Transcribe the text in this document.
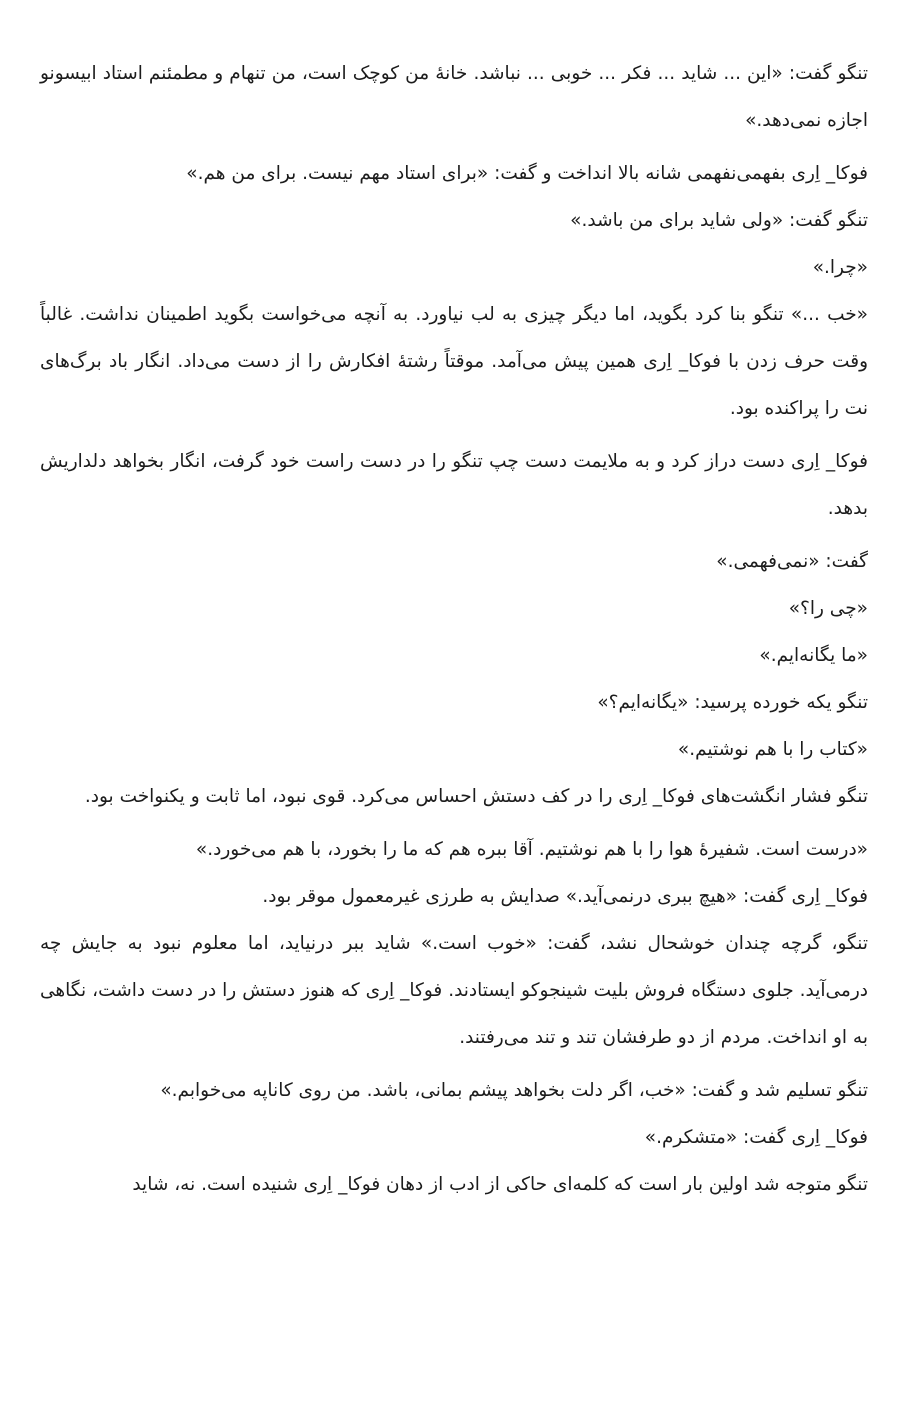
تنگو گفت: «این ... شاید ... فکر ... خوبی ... نباشد. خانهٔ من کوچک است، من تنهام و مطمئنم استاد ابیسونو اجازه نمی‌دهد.»

فوکا_ اِری بفهمی‌نفهمی شانه بالا انداخت و گفت: «برای استاد مهم نیست. برای من هم.»

تنگو گفت: «ولی شاید برای من باشد.»

«چرا.»

«خب ...» تنگو بنا کرد بگوید، اما دیگر چیزی به لب نیاورد. به آنچه می‌خواست بگوید اطمینان نداشت. غالباً وقت حرف زدن با فوکا_ اِری همین پیش می‌آمد. موقتاً رشتهٔ افکارش را از دست می‌داد. انگار باد برگ‌های نت را پراکنده بود.

فوکا_ اِری دست دراز کرد و به ملایمت دست چپ تنگو را در دست راست خود گرفت، انگار بخواهد دلداریش بدهد.

گفت: «نمی‌فهمی.»

«چی را؟»

«ما یگانه‌ایم.»

تنگو یکه خورده پرسید: «یگانه‌ایم؟»

«کتاب را با هم نوشتیم.»

تنگو فشار انگشت‌های فوکا_ اِری را در کف دستش احساس می‌کرد. قوی نبود، اما ثابت و یکنواخت بود.

«درست است. شفیرهٔ هوا را با هم نوشتیم. آقا ببره هم که ما را بخورد، با هم می‌خورد.»

فوکا_ اِری گفت: «هیچ ببری درنمی‌آید.» صدایش به طرزی غیرمعمول موقر بود.

تنگو، گرچه چندان خوشحال نشد، گفت: «خوب است.» شاید ببر درنیاید، اما معلوم نبود به جایش چه درمی‌آید. جلوی دستگاه فروش بلیت شینجوکو ایستادند. فوکا_ اِری که هنوز دستش را در دست داشت، نگاهی به او انداخت. مردم از دو طرفشان تند و تند می‌رفتند.

تنگو تسلیم شد و گفت: «خب، اگر دلت بخواهد پیشم بمانی، باشد. من روی کاناپه می‌خوابم.»

فوکا_ اِری گفت: «متشکرم.»

تنگو متوجه شد اولین بار است که کلمه‌ای حاکی از ادب از دهان فوکا_ اِری شنیده است. نه، شاید
